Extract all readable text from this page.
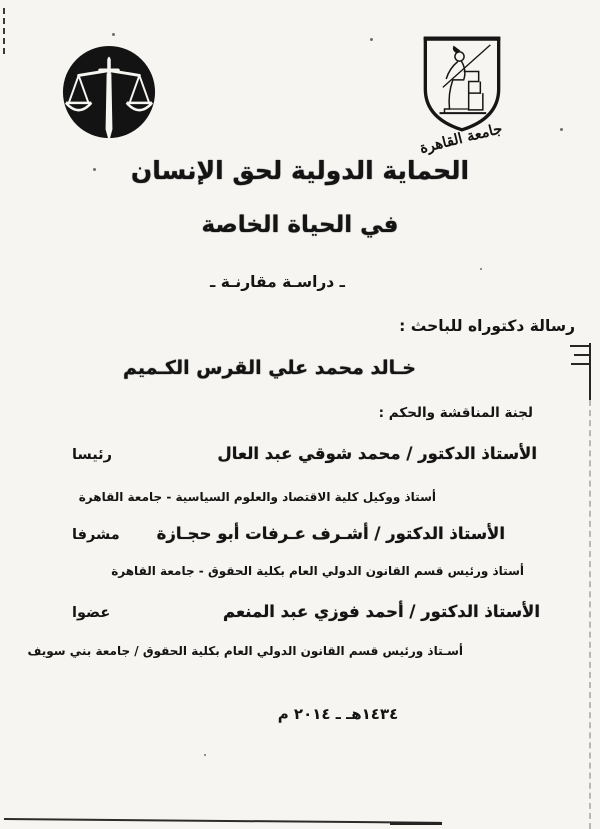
جامعة القاهرة
الحماية الدولية لحق الإنسان
في الحياة الخاصة
ـ دراسـة مقارنـة ـ
رسالة دكتوراه للباحث :
خـالد محمد علي القرس الكـميم
لجنة المناقشة والحكم :
الأستاذ الدكتور / محمد شوقي عبد العال
رئيسا
أستاذ ووكيل كلية الاقتصاد والعلوم السياسية - جامعة القاهرة
الأستاذ الدكتور / أشـرف عـرفات أبو حجـازة
مشرفا
أستاذ ورئيس قسم القانون الدولي العام بكلية الحقوق - جامعة القاهرة
الأستاذ الدكتور / أحمد فوزي عبد المنعم
عضوا
أسـتاذ ورئيس قسم القانون الدولي العام بكلية الحقوق / جامعة بني سويف
١٤٣٤هـ ـ ٢٠١٤ م
